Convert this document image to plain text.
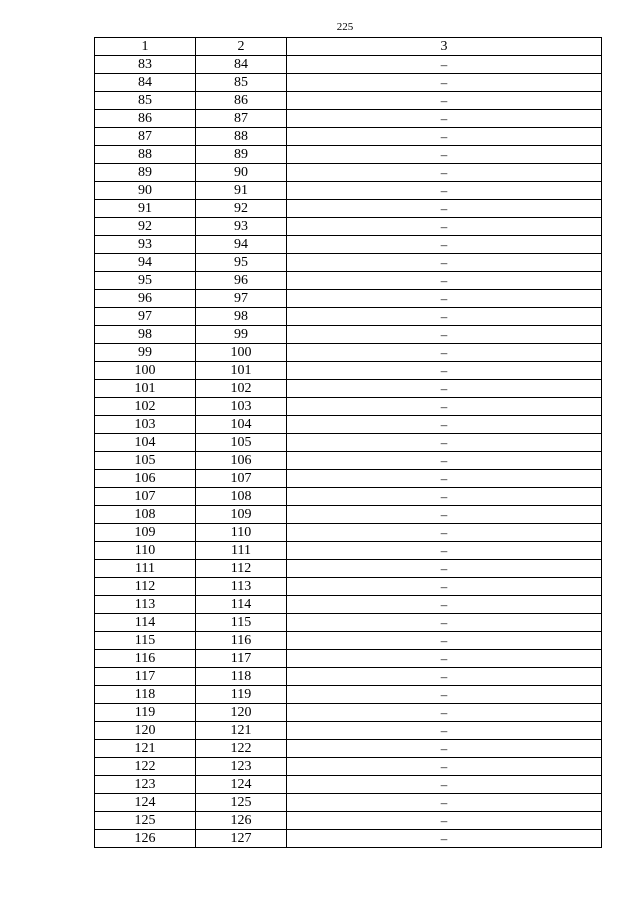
225
1	2	3
83	84	–
84	85	–
85	86	–
86	87	–
87	88	–
88	89	–
89	90	–
90	91	–
91	92	–
92	93	–
93	94	–
94	95	–
95	96	–
96	97	–
97	98	–
98	99	–
99	100	–
100	101	–
101	102	–
102	103	–
103	104	–
104	105	–
105	106	–
106	107	–
107	108	–
108	109	–
109	110	–
110	111	–
111	112	–
112	113	–
113	114	–
114	115	–
115	116	–
116	117	–
117	118	–
118	119	–
119	120	–
120	121	–
121	122	–
122	123	–
123	124	–
124	125	–
125	126	–
126	127	–
